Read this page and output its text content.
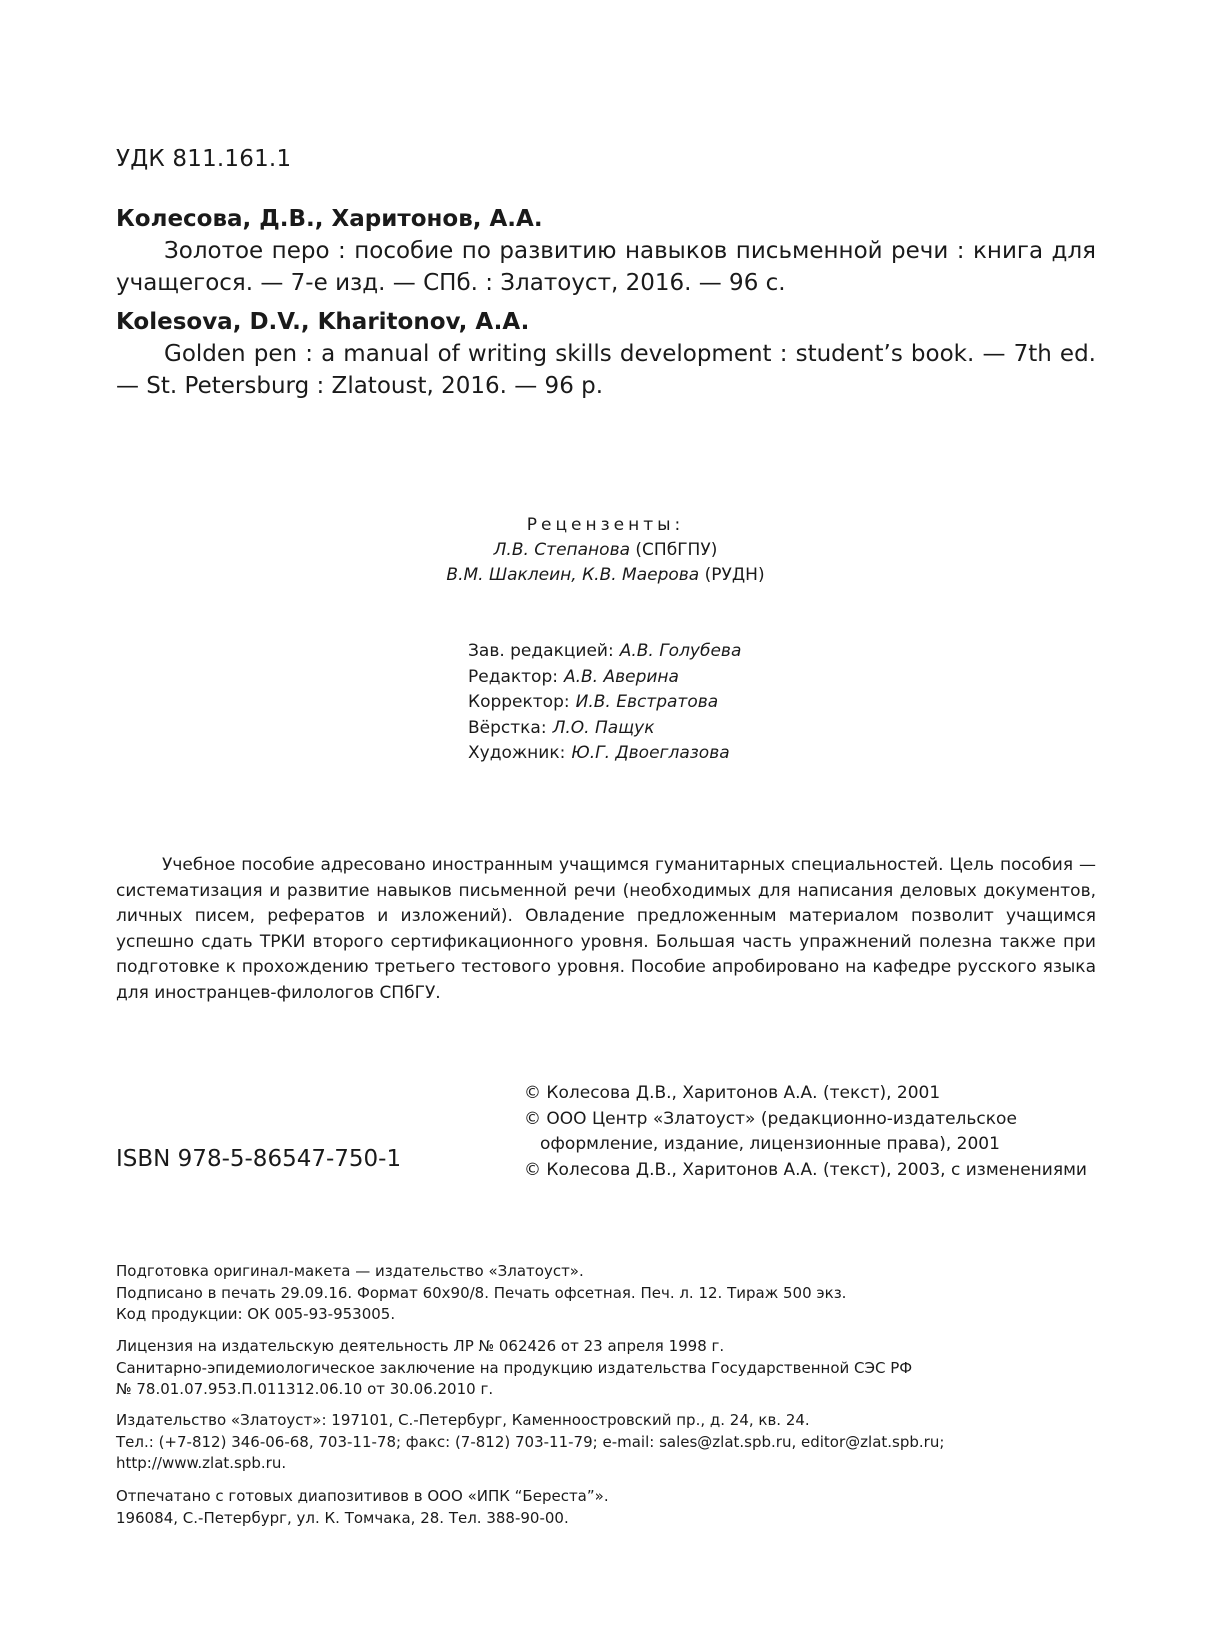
УДК 811.161.1
Колесова, Д.В., Харитонов, А.А.
Золотое перо : пособие по развитию навыков письменной речи : книга для учащегося. — 7-е изд. — СПб. : Златоуст, 2016. — 96 с.
Kolesova, D.V., Kharitonov, A.A.
Golden pen : a manual of writing skills development : student’s book. — 7th ed. — St. Petersburg : Zlatoust, 2016. — 96 p.
Рецензенты:
Л.В. Степанова (СПбГПУ)
В.М. Шаклеин, К.В. Маерова (РУДН)
Зав. редакцией: А.В. Голубева
Редактор: А.В. Аверина
Корректор: И.В. Евстратова
Вёрстка: Л.О. Пащук
Художник: Ю.Г. Двоеглазова
Учебное пособие адресовано иностранным учащимся гуманитарных специальностей. Цель пособия — систематизация и развитие навыков письменной речи (необходимых для написания деловых документов, личных писем, рефератов и изложений). Овладение предложенным материалом позволит учащимся успешно сдать ТРКИ второго сертификационного уровня. Большая часть упражнений полезна также при подготовке к прохождению третьего тестового уровня. Пособие апробировано на кафедре русского языка для иностранцев-филологов СПбГУ.
ISBN 978-5-86547-750-1
© Колесова Д.В., Харитонов А.А. (текст), 2001
© ООО Центр «Златоуст» (редакционно-издательское оформление, издание, лицензионные права), 2001
© Колесова Д.В., Харитонов А.А. (текст), 2003, с изменениями
Подготовка оригинал-макета — издательство «Златоуст».
Подписано в печать 29.09.16. Формат 60х90/8. Печать офсетная. Печ. л. 12. Тираж 500 экз.
Код продукции: ОК 005-93-953005.
Лицензия на издательскую деятельность ЛР № 062426 от 23 апреля 1998 г.
Санитарно-эпидемиологическое заключение на продукцию издательства Государственной СЭС РФ
№ 78.01.07.953.П.011312.06.10 от 30.06.2010 г.
Издательство «Златоуст»: 197101, С.-Петербург, Каменноостровский пр., д. 24, кв. 24.
Тел.: (+7-812) 346-06-68, 703-11-78; факс: (7-812) 703-11-79; e-mail: sales@zlat.spb.ru, editor@zlat.spb.ru;
http://www.zlat.spb.ru.
Отпечатано с готовых диапозитивов в ООО «ИПК “Береста”».
196084, С.-Петербург, ул. К. Томчака, 28. Тел. 388-90-00.
